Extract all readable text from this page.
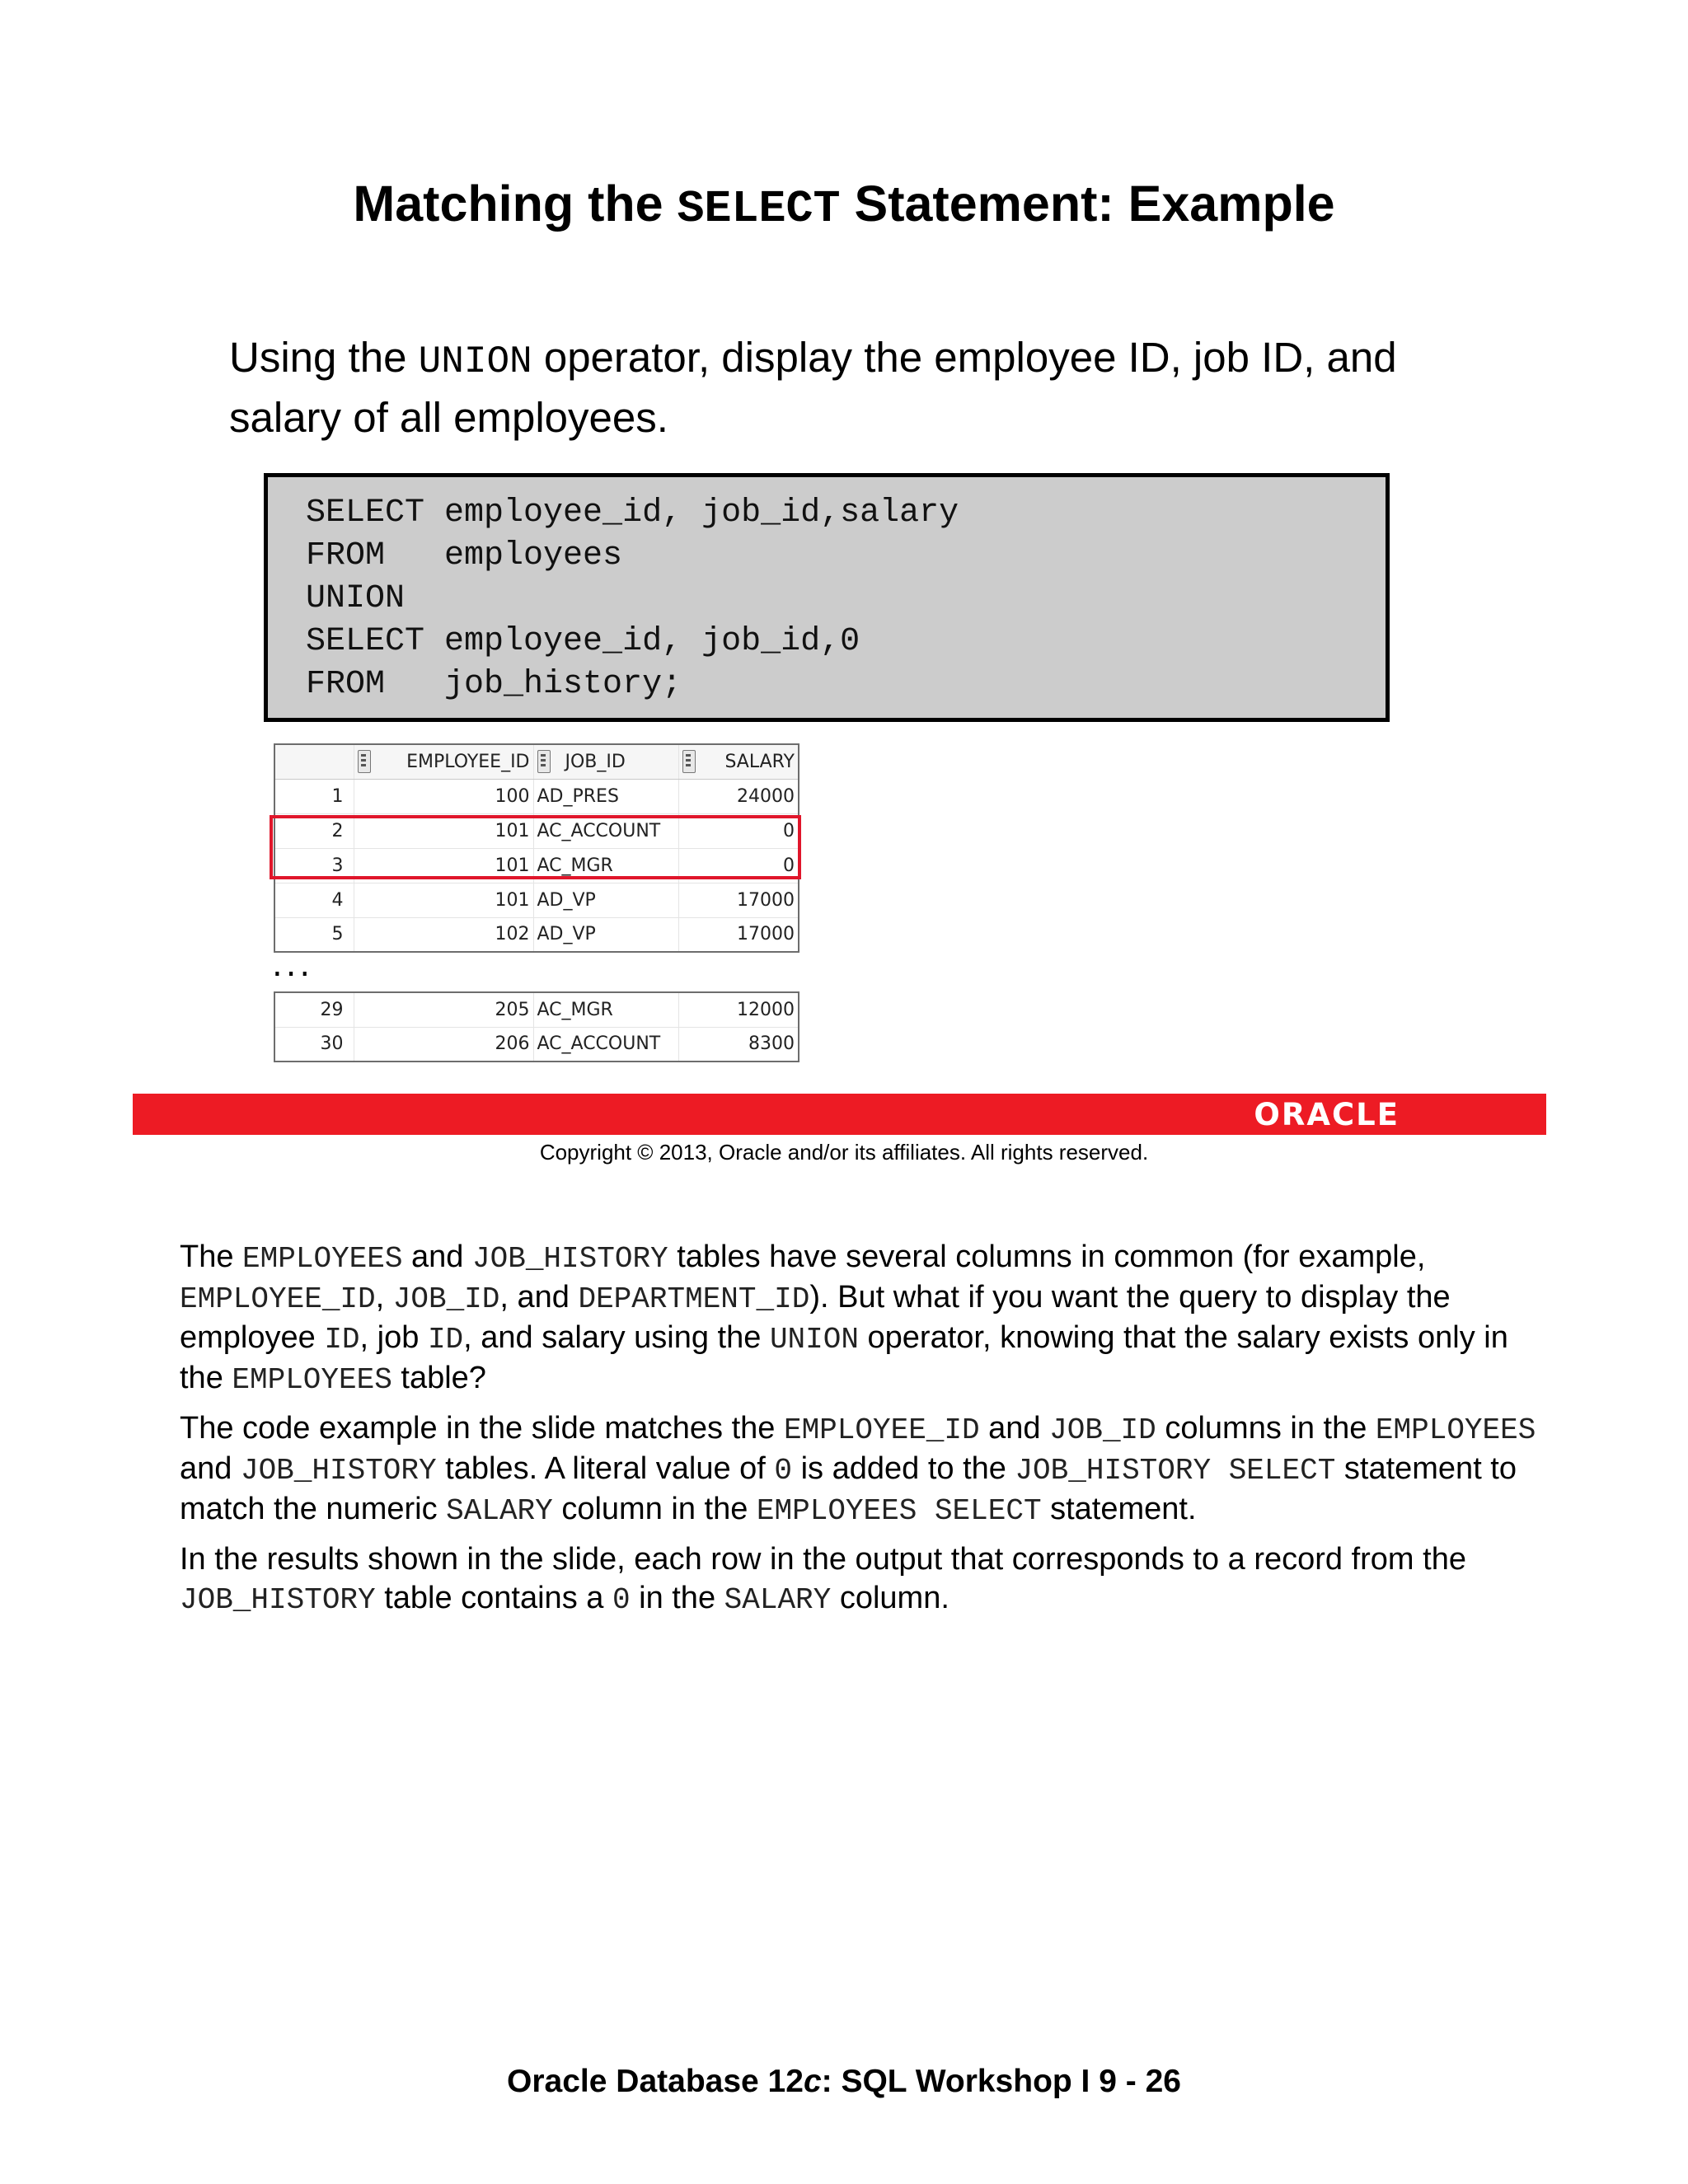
Matching the SELECT Statement: Example
Using the UNION operator, display the employee ID, job ID, and salary of all employees.
SELECT employee_id, job_id,salary
FROM   employees
UNION
SELECT employee_id, job_id,0
FROM   job_history;

	EMPLOYEE_ID	JOB_ID	SALARY

1	100	AD_PRES	24000
2	101	AC_ACCOUNT	0
3	101	AC_MGR	0
4	101	AD_VP	17000
5	102	AD_VP	17000
...
29	205	AC_MGR	12000
30	206	AC_ACCOUNT	8300
ORACLE
Copyright © 2013, Oracle and/or its affiliates. All rights reserved.

The EMPLOYEES and JOB_HISTORY tables have several columns in common (for example, EMPLOYEE_ID, JOB_ID, and DEPARTMENT_ID). But what if you want the query to display the employee ID, job ID, and salary using the UNION operator, knowing that the salary exists only in the EMPLOYEES table?

The code example in the slide matches the EMPLOYEE_ID and JOB_ID columns in the EMPLOYEES and JOB_HISTORY tables. A literal value of 0 is added to the JOB_HISTORY SELECT statement to match the numeric SALARY column in the EMPLOYEES SELECT statement.

In the results shown in the slide, each row in the output that corresponds to a record from the JOB_HISTORY table contains a 0 in the SALARY column.

Oracle Database 12c: SQL Workshop I 9 - 26
